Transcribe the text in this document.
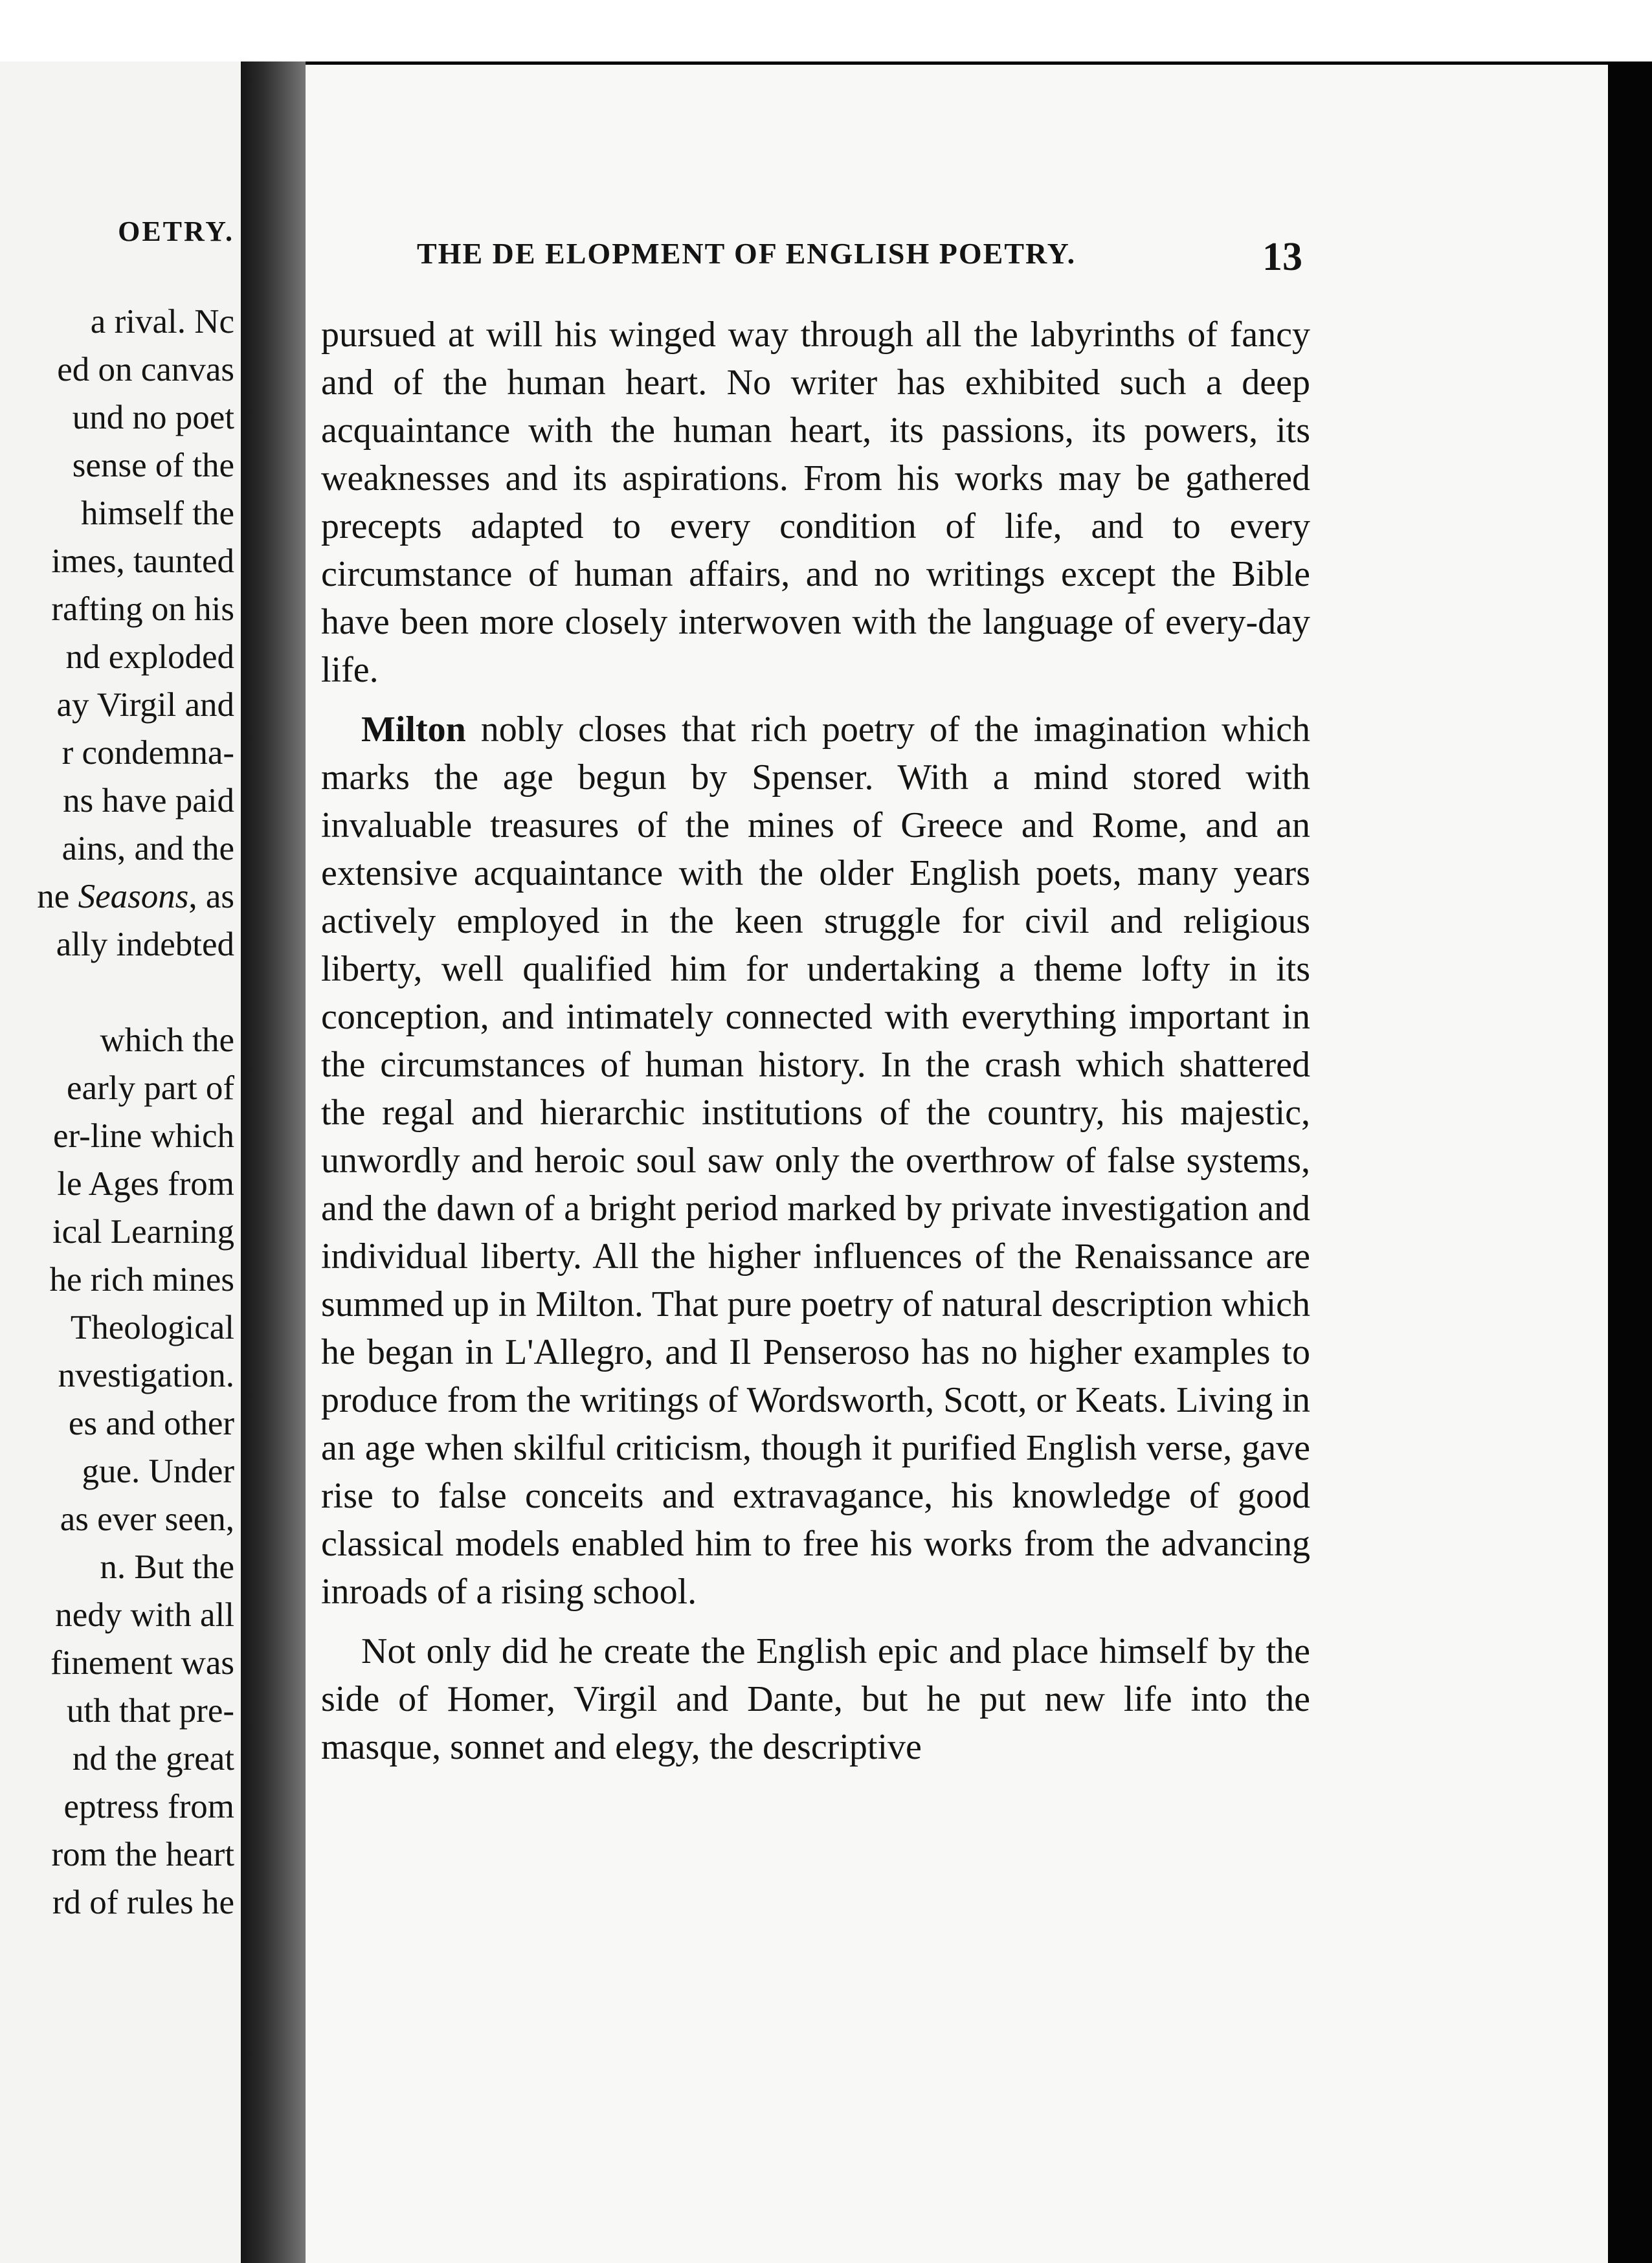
OETRY.
a rival. Nc
ed on canvas
und no poet
sense of the
himself the
imes, taunted
rafting on his
nd exploded
ay Virgil and
r condemna-
ns have paid
ains, and the
ne Seasons, as
ally indebted
which the
early part of
er-line which
le Ages from
ical Learning
he rich mines
Theological
nvestigation.
es and other
gue. Under
as ever seen,
n. But the
nedy with all
finement was
uth that pre-
nd the great
eptress from
rom the heart
rd of rules he
THE DE ELOPMENT OF ENGLISH POETRY.	13

pursued at will his winged way through all the labyrinths of fancy and of the human heart. No writer has exhibited such a deep acquaintance with the human heart, its passions, its powers, its weaknesses and its aspirations. From his works may be gathered precepts adapted to every condition of life, and to every circumstance of human affairs, and no writings except the Bible have been more closely interwoven with the language of every-day life.

Milton nobly closes that rich poetry of the imagination which marks the age begun by Spenser. With a mind stored with invaluable treasures of the mines of Greece and Rome, and an extensive acquaintance with the older English poets, many years actively employed in the keen struggle for civil and religious liberty, well qualified him for undertaking a theme lofty in its conception, and intimately connected with everything important in the circumstances of human history. In the crash which shattered the regal and hierarchic institutions of the country, his majestic, unwordly and heroic soul saw only the overthrow of false systems, and the dawn of a bright period marked by private investigation and individual liberty. All the higher influences of the Renaissance are summed up in Milton. That pure poetry of natural description which he began in L'Allegro, and Il Penseroso has no higher examples to produce from the writings of Wordsworth, Scott, or Keats. Living in an age when skilful criticism, though it purified English verse, gave rise to false conceits and extravagance, his knowledge of good classical models enabled him to free his works from the advancing inroads of a rising school.

Not only did he create the English epic and place himself by the side of Homer, Virgil and Dante, but he put new life into the masque, sonnet and elegy, the descriptive
